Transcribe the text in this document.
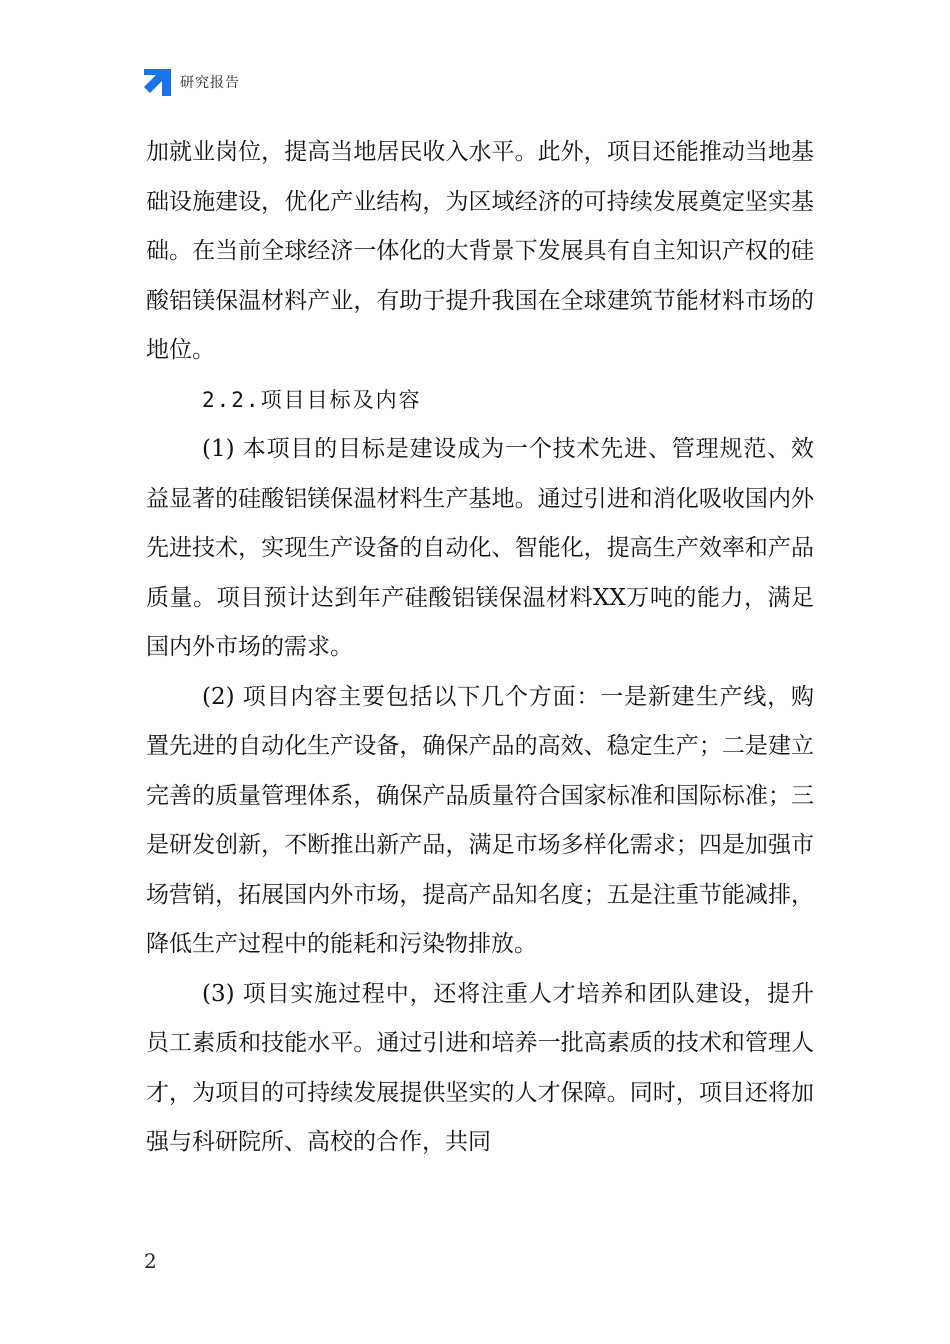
研究报告

加就业岗位，提高当地居民收入水平。此外，项目还能推动当地基础设施建设，优化产业结构，为区域经济的可持续发展奠定坚实基础。在当前全球经济一体化的大背景下发展具有自主知识产权的硅酸铝镁保温材料产业，有助于提升我国在全球建筑节能材料市场的地位。

2.2.项目目标及内容

(1) 本项目的目标是建设成为一个技术先进、管理规范、效益显著的硅酸铝镁保温材料生产基地。通过引进和消化吸收国内外先进技术，实现生产设备的自动化、智能化，提高生产效率和产品质量。项目预计达到年产硅酸铝镁保温材料XX万吨的能力，满足国内外市场的需求。

(2) 项目内容主要包括以下几个方面：一是新建生产线，购置先进的自动化生产设备，确保产品的高效、稳定生产；二是建立完善的质量管理体系，确保产品质量符合国家标准和国际标准；三是研发创新，不断推出新产品，满足市场多样化需求；四是加强市场营销，拓展国内外市场，提高产品知名度；五是注重节能减排，降低生产过程中的能耗和污染物排放。

(3) 项目实施过程中，还将注重人才培养和团队建设，提升员工素质和技能水平。通过引进和培养一批高素质的技术和管理人才，为项目的可持续发展提供坚实的人才保障。同时，项目还将加强与科研院所、高校的合作，共同

2
